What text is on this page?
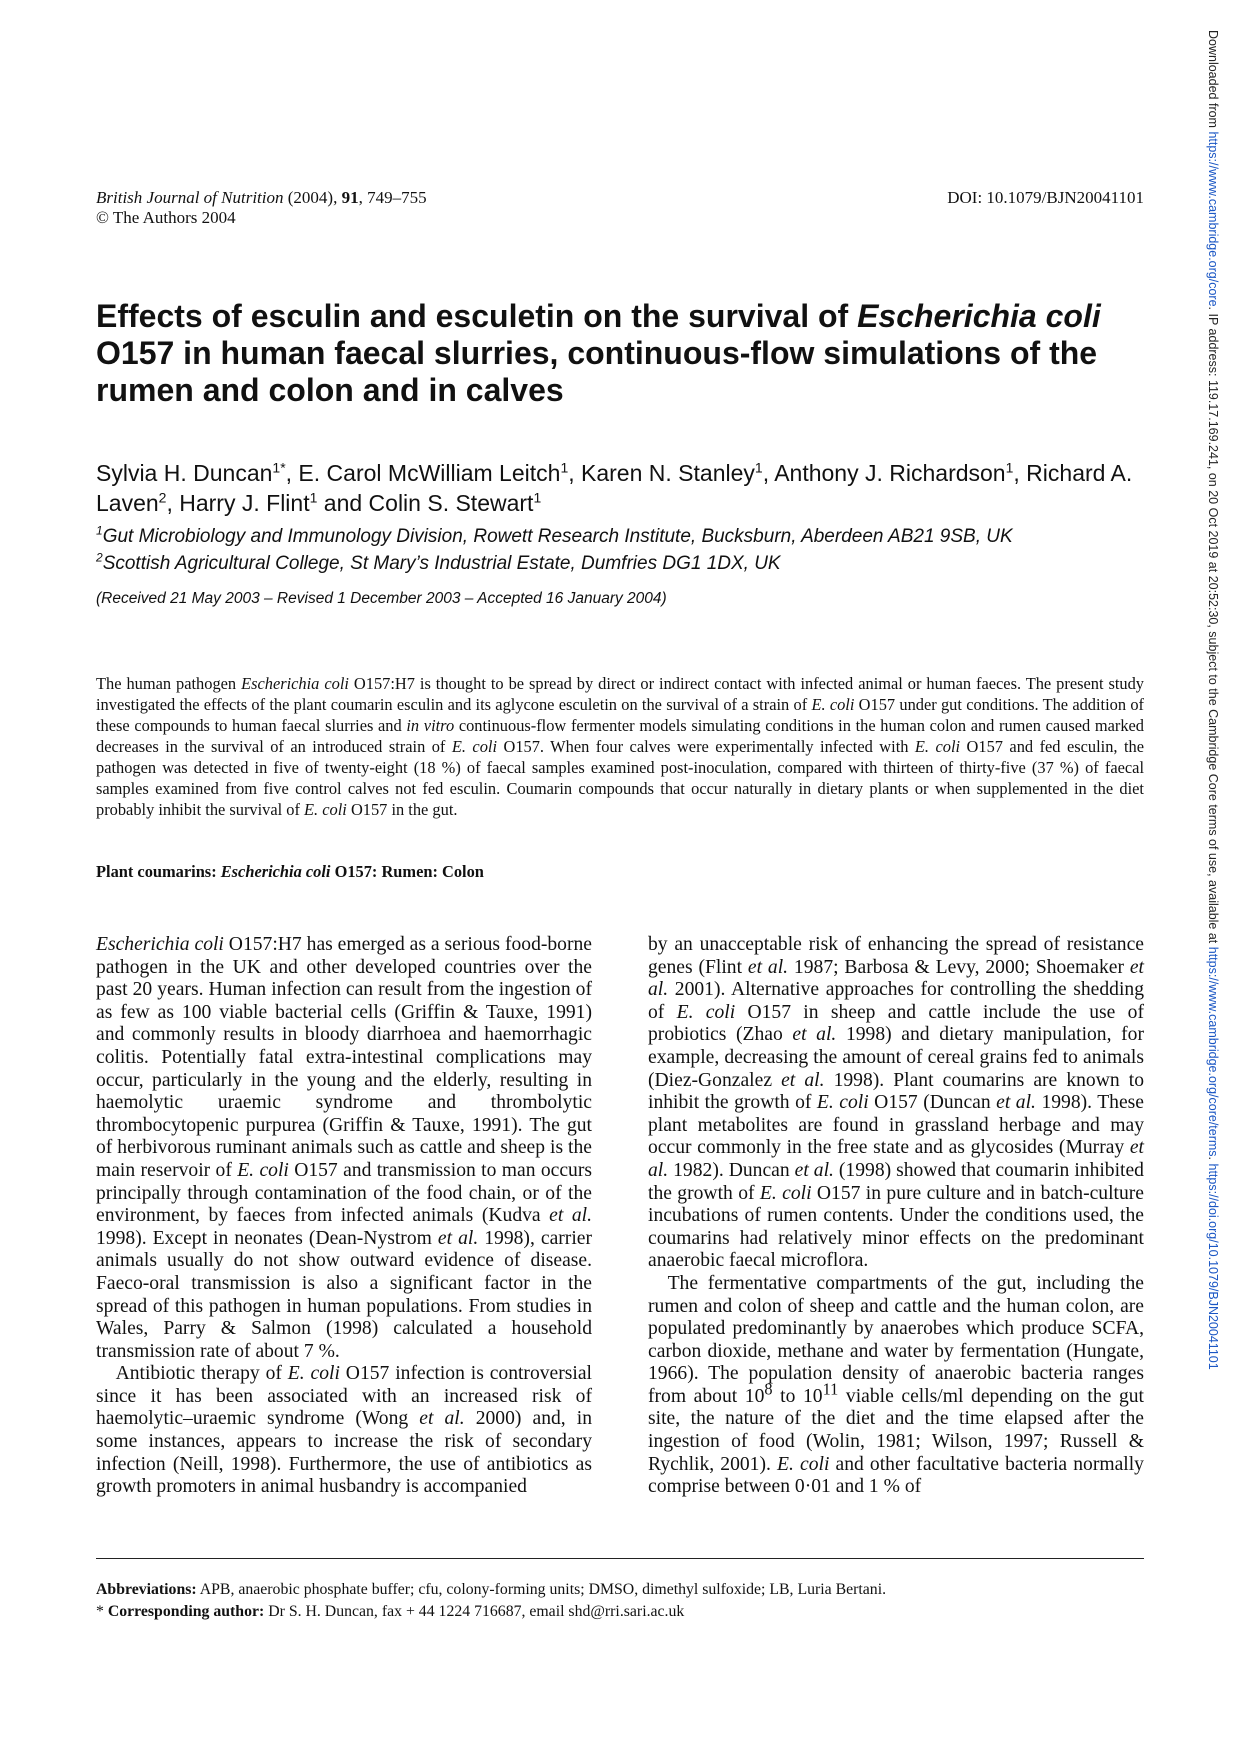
British Journal of Nutrition (2004), 91, 749–755
© The Authors 2004
DOI: 10.1079/BJN20041101
Downloaded from https://www.cambridge.org/core. IP address: 119.17.169.241, on 20 Oct 2019 at 20:52:30, subject to the Cambridge Core terms of use, available at https://www.cambridge.org/core/terms. https://doi.org/10.1079/BJN20041101
Effects of esculin and esculetin on the survival of Escherichia coli O157 in human faecal slurries, continuous-flow simulations of the rumen and colon and in calves
Sylvia H. Duncan$^{1*}$, E. Carol McWilliam Leitch$^1$, Karen N. Stanley$^1$, Anthony J. Richardson$^1$, Richard A. Laven$^2$, Harry J. Flint$^1$ and Colin S. Stewart$^1$
$^1$Gut Microbiology and Immunology Division, Rowett Research Institute, Bucksburn, Aberdeen AB21 9SB, UK
$^2$Scottish Agricultural College, St Mary’s Industrial Estate, Dumfries DG1 1DX, UK
(Received 21 May 2003 – Revised 1 December 2003 – Accepted 16 January 2004)
The human pathogen Escherichia coli O157:H7 is thought to be spread by direct or indirect contact with infected animal or human faeces. The present study investigated the effects of the plant coumarin esculin and its aglycone esculetin on the survival of a strain of E. coli O157 under gut conditions. The addition of these compounds to human faecal slurries and in vitro continuous-flow fermenter models simulating conditions in the human colon and rumen caused marked decreases in the survival of an introduced strain of E. coli O157. When four calves were experimentally infected with E. coli O157 and fed esculin, the pathogen was detected in five of twenty-eight (18 %) of faecal samples examined post-inoculation, compared with thirteen of thirty-five (37 %) of faecal samples examined from five control calves not fed esculin. Coumarin compounds that occur naturally in dietary plants or when supplemented in the diet probably inhibit the survival of E. coli O157 in the gut.
Plant coumarins: Escherichia coli O157: Rumen: Colon

Escherichia coli O157:H7 has emerged as a serious food-borne pathogen in the UK and other developed countries over the past 20 years. Human infection can result from the ingestion of as few as 100 viable bacterial cells (Griffin & Tauxe, 1991) and commonly results in bloody diarrhoea and haemorrhagic colitis. Potentially fatal extra-intestinal complications may occur, particularly in the young and the elderly, resulting in haemolytic uraemic syndrome and thrombolytic thrombocytopenic purpurea (Griffin & Tauxe, 1991). The gut of herbivorous ruminant animals such as cattle and sheep is the main reservoir of E. coli O157 and transmission to man occurs principally through contamination of the food chain, or of the environment, by faeces from infected animals (Kudva et al. 1998). Except in neonates (Dean-Nystrom et al. 1998), carrier animals usually do not show outward evidence of disease. Faeco-oral transmission is also a significant factor in the spread of this pathogen in human populations. From studies in Wales, Parry & Salmon (1998) calculated a household transmission rate of about 7 %.

Antibiotic therapy of E. coli O157 infection is controversial since it has been associated with an increased risk of haemolytic–uraemic syndrome (Wong et al. 2000) and, in some instances, appears to increase the risk of secondary infection (Neill, 1998). Furthermore, the use of antibiotics as growth promoters in animal husbandry is accompanied

by an unacceptable risk of enhancing the spread of resistance genes (Flint et al. 1987; Barbosa & Levy, 2000; Shoemaker et al. 2001). Alternative approaches for controlling the shedding of E. coli O157 in sheep and cattle include the use of probiotics (Zhao et al. 1998) and dietary manipulation, for example, decreasing the amount of cereal grains fed to animals (Diez-Gonzalez et al. 1998). Plant coumarins are known to inhibit the growth of E. coli O157 (Duncan et al. 1998). These plant metabolites are found in grassland herbage and may occur commonly in the free state and as glycosides (Murray et al. 1982). Duncan et al. (1998) showed that coumarin inhibited the growth of E. coli O157 in pure culture and in batch-culture incubations of rumen contents. Under the conditions used, the coumarins had relatively minor effects on the predominant anaerobic faecal microflora.

The fermentative compartments of the gut, including the rumen and colon of sheep and cattle and the human colon, are populated predominantly by anaerobes which produce SCFA, carbon dioxide, methane and water by fermentation (Hungate, 1966). The population density of anaerobic bacteria ranges from about $10^8$ to $10^{11}$ viable cells/ml depending on the gut site, the nature of the diet and the time elapsed after the ingestion of food (Wolin, 1981; Wilson, 1997; Russell & Rychlik, 2001). E. coli and other facultative bacteria normally comprise between 0·01 and 1 % of

Abbreviations: APB, anaerobic phosphate buffer; cfu, colony-forming units; DMSO, dimethyl sulfoxide; LB, Luria Bertani.
* Corresponding author: Dr S. H. Duncan, fax + 44 1224 716687, email shd@rri.sari.ac.uk
